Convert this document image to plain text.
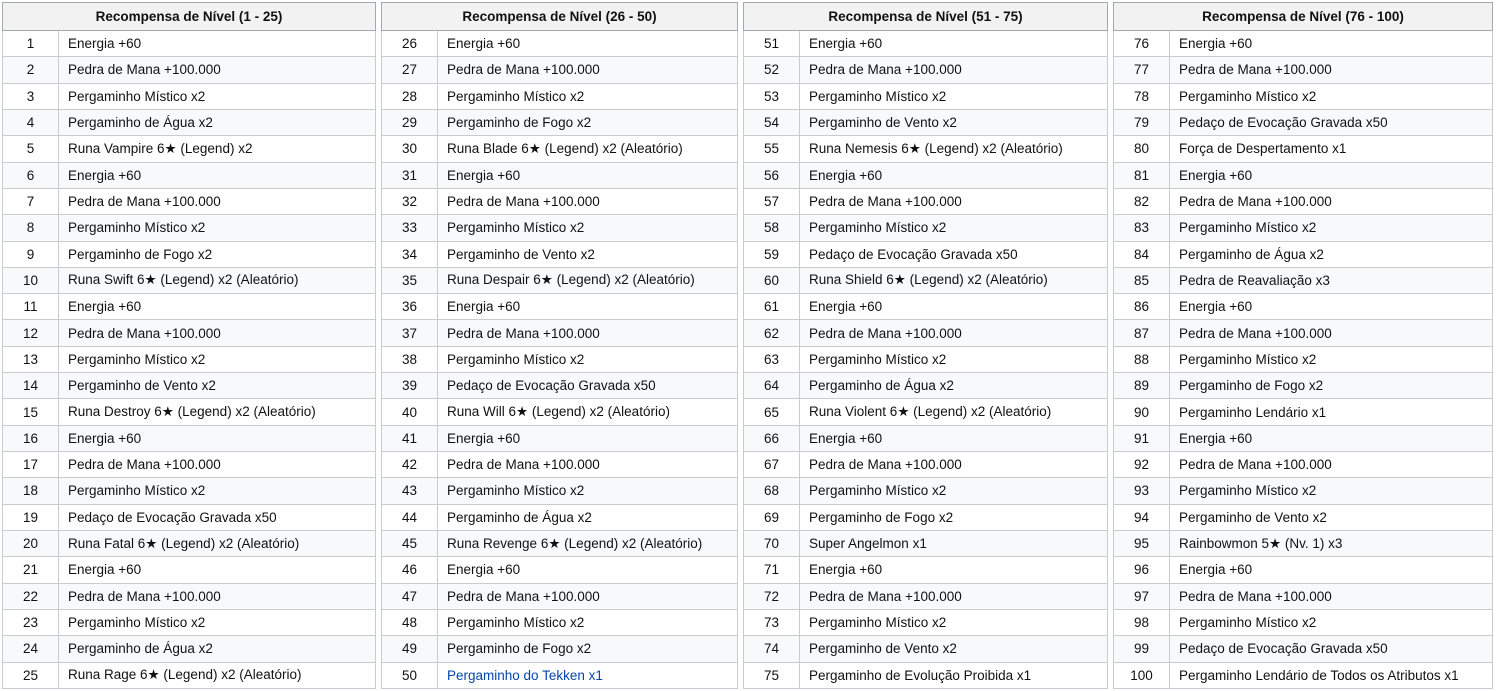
Recompensa de Nível (1 - 25)	
1	Energia +60
2	Pedra de Mana +100.000
3	Pergaminho Místico x2
4	Pergaminho de Água x2
5	Runa Vampire 6★ (Legend) x2
6	Energia +60
7	Pedra de Mana +100.000
8	Pergaminho Místico x2
9	Pergaminho de Fogo x2
10	Runa Swift 6★ (Legend) x2 (Aleatório)
11	Energia +60
12	Pedra de Mana +100.000
13	Pergaminho Místico x2
14	Pergaminho de Vento x2
15	Runa Destroy 6★ (Legend) x2 (Aleatório)
16	Energia +60
17	Pedra de Mana +100.000
18	Pergaminho Místico x2
19	Pedaço de Evocação Gravada x50
20	Runa Fatal 6★ (Legend) x2 (Aleatório)
21	Energia +60
22	Pedra de Mana +100.000
23	Pergaminho Místico x2
24	Pergaminho de Água x2
25	Runa Rage 6★ (Legend) x2 (Aleatório)
Recompensa de Nível (26 - 50)	
26	Energia +60
27	Pedra de Mana +100.000
28	Pergaminho Místico x2
29	Pergaminho de Fogo x2
30	Runa Blade 6★ (Legend) x2 (Aleatório)
31	Energia +60
32	Pedra de Mana +100.000
33	Pergaminho Místico x2
34	Pergaminho de Vento x2
35	Runa Despair 6★ (Legend) x2 (Aleatório)
36	Energia +60
37	Pedra de Mana +100.000
38	Pergaminho Místico x2
39	Pedaço de Evocação Gravada x50
40	Runa Will 6★ (Legend) x2 (Aleatório)
41	Energia +60
42	Pedra de Mana +100.000
43	Pergaminho Místico x2
44	Pergaminho de Água x2
45	Runa Revenge 6★ (Legend) x2 (Aleatório)
46	Energia +60
47	Pedra de Mana +100.000
48	Pergaminho Místico x2
49	Pergaminho de Fogo x2
50	Pergaminho do Tekken x1
Recompensa de Nível (51 - 75)	
51	Energia +60
52	Pedra de Mana +100.000
53	Pergaminho Místico x2
54	Pergaminho de Vento x2
55	Runa Nemesis 6★ (Legend) x2 (Aleatório)
56	Energia +60
57	Pedra de Mana +100.000
58	Pergaminho Místico x2
59	Pedaço de Evocação Gravada x50
60	Runa Shield 6★ (Legend) x2 (Aleatório)
61	Energia +60
62	Pedra de Mana +100.000
63	Pergaminho Místico x2
64	Pergaminho de Água x2
65	Runa Violent 6★ (Legend) x2 (Aleatório)
66	Energia +60
67	Pedra de Mana +100.000
68	Pergaminho Místico x2
69	Pergaminho de Fogo x2
70	Super Angelmon x1
71	Energia +60
72	Pedra de Mana +100.000
73	Pergaminho Místico x2
74	Pergaminho de Vento x2
75	Pergaminho de Evolução Proibida x1
Recompensa de Nível (76 - 100)	
76	Energia +60
77	Pedra de Mana +100.000
78	Pergaminho Místico x2
79	Pedaço de Evocação Gravada x50
80	Força de Despertamento x1
81	Energia +60
82	Pedra de Mana +100.000
83	Pergaminho Místico x2
84	Pergaminho de Água x2
85	Pedra de Reavaliação x3
86	Energia +60
87	Pedra de Mana +100.000
88	Pergaminho Místico x2
89	Pergaminho de Fogo x2
90	Pergaminho Lendário x1
91	Energia +60
92	Pedra de Mana +100.000
93	Pergaminho Místico x2
94	Pergaminho de Vento x2
95	Rainbowmon 5★ (Nv. 1) x3
96	Energia +60
97	Pedra de Mana +100.000
98	Pergaminho Místico x2
99	Pedaço de Evocação Gravada x50
100	Pergaminho Lendário de Todos os Atributos x1
